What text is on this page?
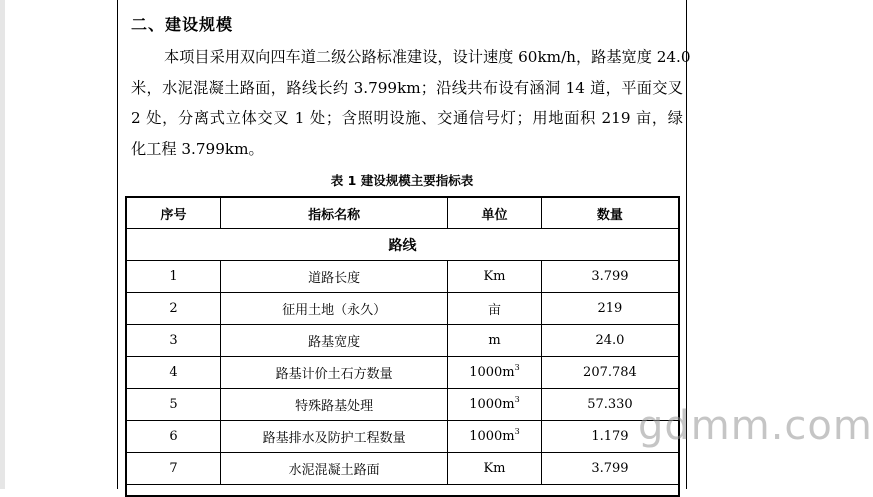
二、建设规模
本项目采用双向四车道二级公路标准建设，设计速度 60km/h，路基宽度 24.0
米，水泥混凝土路面，路线长约 3.799km；沿线共布设有涵洞 14 道，平面交叉
2 处，分离式立体交叉 1 处；含照明设施、交通信号灯；用地面积 219 亩，绿
化工程 3.799km。
表 1 建设规模主要指标表
序号	指标名称	单位	数量
路线			
1	道路长度	Km	3.799
2	征用土地（永久）	亩	219
3	路基宽度	m	24.0
4	路基计价土石方数量	$1000m^3$	207.784
5	特殊路基处理	$1000m^3$	57.330
6	路基排水及防护工程数量	$1000m^3$	1.179
7	水泥混凝土路面	Km	3.799

gdmm.com
